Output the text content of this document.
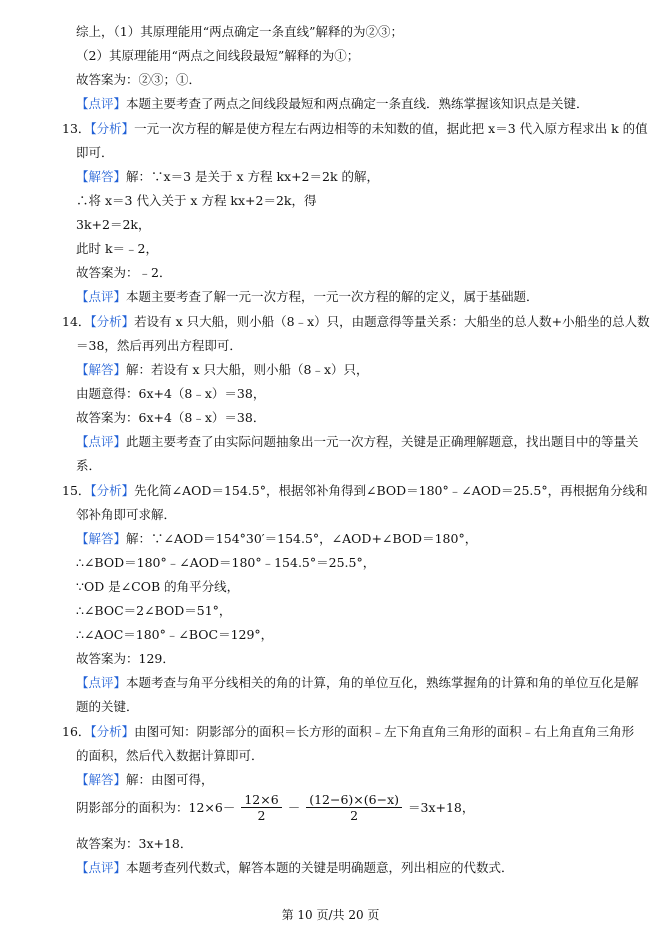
综上，（1）其原理能用“两点确定一条直线”解释的为②③；
（2）其原理能用“两点之间线段最短”解释的为①；
故答案为：②③；①．
【点评】本题主要考查了两点之间线段最短和两点确定一条直线．熟练掌握该知识点是关键．
13．【分析】一元一次方程的解是使方程左右两边相等的未知数的值，据此把 x＝3 代入原方程求出 k 的值
即可．
【解答】解：∵x＝3 是关于 x 方程 kx+2＝2k 的解，
∴将 x＝3 代入关于 x 方程 kx+2＝2k，得
3k+2＝2k，
此时 k＝﹣2，
故答案为：﹣2．
【点评】本题主要考查了解一元一次方程，一元一次方程的解的定义，属于基础题．
14．【分析】若设有 x 只大船，则小船（8﹣x）只，由题意得等量关系：大船坐的总人数+小船坐的总人数
＝38，然后再列出方程即可．
【解答】解：若设有 x 只大船，则小船（8﹣x）只，
由题意得：6x+4（8﹣x）＝38，
故答案为：6x+4（8﹣x）＝38．
【点评】此题主要考查了由实际问题抽象出一元一次方程，关键是正确理解题意，找出题目中的等量关
系．
15．【分析】先化简∠AOD＝154.5°，根据邻补角得到∠BOD＝180°﹣∠AOD＝25.5°，再根据角分线和
邻补角即可求解．
【解答】解：∵∠AOD＝154°30′＝154.5°，∠AOD+∠BOD＝180°，
∴∠BOD＝180°﹣∠AOD＝180°﹣154.5°＝25.5°，
∵OD 是∠COB 的角平分线，
∴∠BOC＝2∠BOD＝51°，
∴∠AOC＝180°﹣∠BOC＝129°，
故答案为：129．
【点评】本题考查与角平分线相关的角的计算，角的单位互化，熟练掌握角的计算和角的单位互化是解
题的关键．
16．【分析】由图可知：阴影部分的面积＝长方形的面积﹣左下角直角三角形的面积﹣右上角直角三角形
的面积，然后代入数据计算即可．
【解答】解：由图可得，
阴影部分的面积为：$12\times 6- \frac{12\times 6}{2} - \frac{(12-6)\times(6-x)}{2} =3x+18$，
故答案为：3x+18．
【点评】本题考查列代数式，解答本题的关键是明确题意，列出相应的代数式．
第 10 页/共 20 页
